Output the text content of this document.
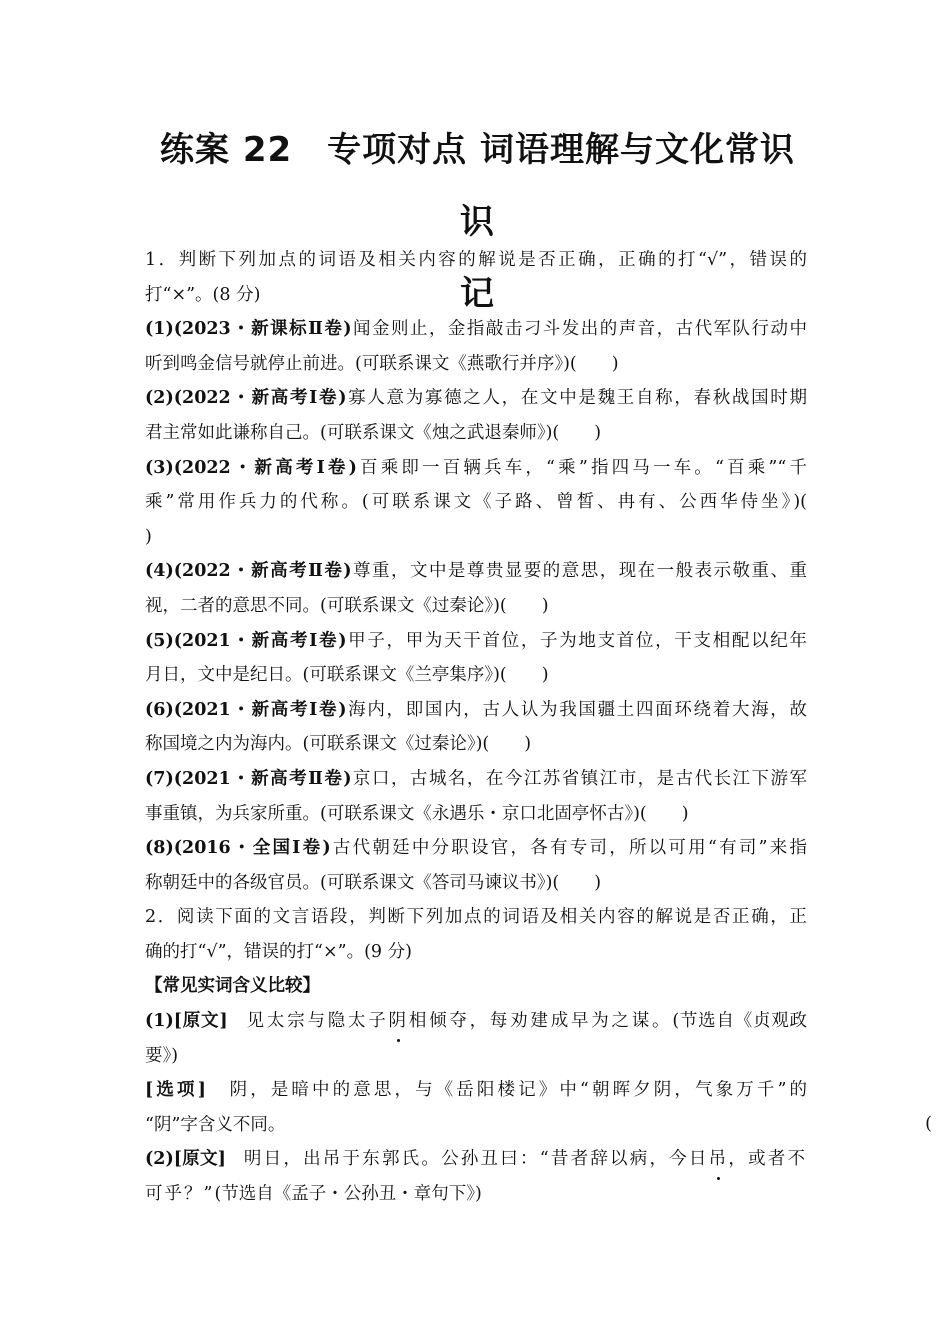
练案 22　专项对点 词语理解与文化常识识
记
1．判断下列加点的词语及相关内容的解说是否正确，正确的打“√”，错误的
打“×”。(8 分)
(1)(2023・新课标Ⅱ卷)闻金则止，金指敲击刁斗发出的声音，古代军队行动中
听到鸣金信号就停止前进。(可联系课文《燕歌行并序》)(　　)
(2)(2022・新高考Ⅰ卷)寡人意为寡德之人，在文中是魏王自称，春秋战国时期
君主常如此谦称自己。(可联系课文《烛之武退秦师》)(　　)
(3)(2022・新高考Ⅰ卷)百乘即一百辆兵车，“乘”指四马一车。“百乘”“千
乘”常用作兵力的代称。(可联系课文《子路、曾皙、冉有、公西华侍坐》)(
)
(4)(2022・新高考Ⅱ卷)尊重，文中是尊贵显要的意思，现在一般表示敬重、重
视，二者的意思不同。(可联系课文《过秦论》)(　　)
(5)(2021・新高考Ⅰ卷)甲子，甲为天干首位，子为地支首位，干支相配以纪年
月日，文中是纪日。(可联系课文《兰亭集序》)(　　)
(6)(2021・新高考Ⅰ卷)海内，即国内，古人认为我国疆土四面环绕着大海，故
称国境之内为海内。(可联系课文《过秦论》)(　　)
(7)(2021・新高考Ⅱ卷)京口，古城名，在今江苏省镇江市，是古代长江下游军
事重镇，为兵家所重。(可联系课文《永遇乐・京口北固亭怀古》)(　　)
(8)(2016・全国Ⅰ卷)古代朝廷中分职设官，各有专司，所以可用“有司”来指
称朝廷中的各级官员。(可联系课文《答司马谏议书》)(　　)
2．阅读下面的文言语段，判断下列加点的词语及相关内容的解说是否正确，正
确的打“√”，错误的打“×”。(9 分)
【常见实词含义比较】
(1)[原文]　 见太宗与隐太子阴相倾夺，每劝建成早为之谋。(节选自《贞观政
要》)
[选项]　 阴，是暗中的意思，与《岳阳楼记》中“朝晖夕阴，气象万千”的
“阴”字含义不同。
(2)[原文]　 明日，出吊于东郭氏。公孙丑曰：“昔者辞以病，今日吊，或者不
可乎？”(节选自《孟子・公孙丑・章句下》)
(
